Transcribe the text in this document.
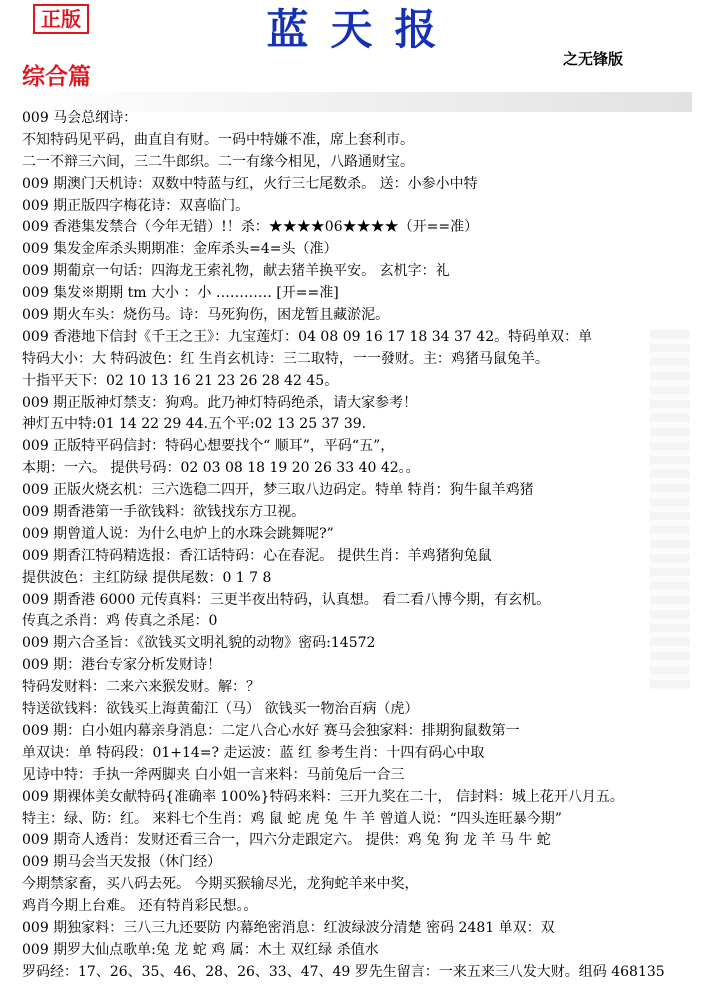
正版	蓝天报
之无锋版
综合篇
009 马会总纲诗：
不知特码见平码，曲直自有财。一码中特嫌不准，席上套利市。
二一不辩三六间，三二牛郎织。二一有缘今相见，八路通财宝。
009 期澳门天机诗：双数中特蓝与红，火行三七尾数杀。 送：小参小中特
009 期正版四字梅花诗：双喜临门。
009 香港集发禁合（今年无错）!！杀：★★★★06★★★★（开==准）
009 集发金库杀头期期准：金库杀头=4=头（准）
009 期葡京一句话：四海龙王索礼物，献去猪羊换平安。 玄机字：礼
009 集发※期期 tm 大小 ：小 ………… [开==准]
009 期火车头：烧伤马。诗：马死狗伤，困龙暂且藏淤泥。
009 香港地下信封《千王之王》：九宝莲灯：04 08 09 16 17 18 34 37 42。特码单双：单
特码大小：大 特码波色：红 生肖玄机诗：三二取特，一一發财。主：鸡猪马鼠兔羊。
十指平天下：02 10 13 16 21 23 26 28 42 45。
009 期正版神灯禁支：狗鸡。此乃神灯特码绝杀，请大家参考！
神灯五中特:01 14 22 29 44.五个平:02 13 25 37 39.
009 正版特平码信封：特码心想要找个“ 顺耳”，平码“五”，
本期：一六。 提供号码：02 03 08 18 19 20 26 33 40 42。。
009 正版火烧玄机：三六选稳二四开，梦三取八边码定。特单 特肖：狗牛鼠羊鸡猪
009 期香港第一手欲钱料：欲钱找东方卫视。
009 期曾道人说：为什么电炉上的水珠会跳舞呢?”
009 期香江特码精选报：香江话特码：心在春泥。 提供生肖：羊鸡猪狗兔鼠
提供波色：主红防绿 提供尾数：0 1 7 8
009 期香港 6000 元传真料：三更半夜出特码，认真想。 看二看八博今期，有玄机。
传真之杀肖：鸡 传真之杀尾：0
009 期六合圣旨：《欲钱买文明礼貌的动物》密码:14572
009 期：港台专家分析发财诗！
特码发财料：二来六来猴发财。解：？
特送欲钱料：欲钱买上海黄葡江（马） 欲钱买一物治百病（虎）
009 期：白小姐内幕亲身消息：二定八合心水好 赛马会独家料：排期狗鼠数第一
单双诀：单 特码段：01+14=? 走运波：蓝 红 参考生肖：十四有码心中取
见诗中特：手执一斧两脚夹 白小姐一言来料：马前兔后一合三
009 期裸体美女献特码{准确率 100%}特码来料：三开九奖在二十， 信封料：城上花开八月五。
特主：绿、防：红。 来料七个生肖：鸡 鼠 蛇 虎 兔 牛 羊 曾道人说：“四头连旺暴今期”
009 期奇人透肖：发财还看三合一，四六分走跟定六。 提供：鸡 兔 狗 龙 羊 马 牛 蛇
009 期马会当天发报（休门经）
今期禁家畜，买八码去死。 今期买猴输尽光，龙狗蛇羊来中奖，
鸡肖今期上台难。 还有特肖彩民想。。
009 期独家料：三八三九还要防 内幕绝密消息：红波绿波分清楚 密码 2481 单双：双
009 期罗大仙点歌单:兔 龙 蛇 鸡 属：木土 双红绿 杀值水
罗码经：17、26、35、46、28、26、33、47、49 罗先生留言：一来五来三八发大财。组码 468135
